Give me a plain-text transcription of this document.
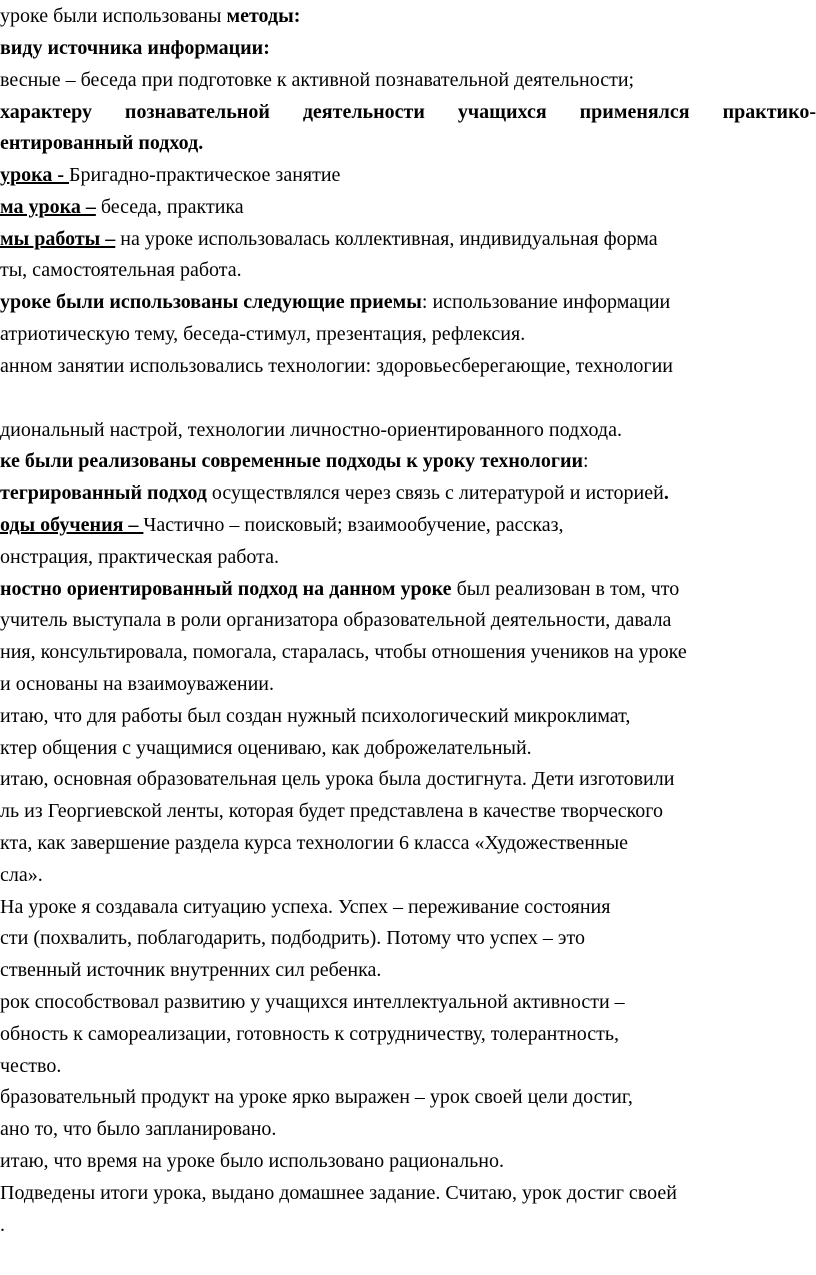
уроке были использованы методы:
виду источника информации:
весные – беседа при подготовке к активной познавательной деятельности;
характеру познавательной деятельности учащихся применялся практико-
ентированный подход.
урока - Бригадно-практическое занятие
ма урока – беседа, практика
мы работы – на уроке использовалась коллективная, индивидуальная форма
ты, самостоятельная работа.
уроке были использованы следующие приемы: использование информации
атриотическую тему, беседа-стимул, презентация, рефлексия.
анном занятии использовались технологии: здоровьесберегающие, технологии
диональный настрой, технологии личностно-ориентированного подхода.
ке были реализованы современные подходы к уроку технологии:
тегрированный подход осуществлялся через связь с литературой и историей.
оды обучения – Частично – поисковый; взаимообучение, рассказ,
онстрация, практическая работа.
ностно ориентированный подход на данном уроке был реализован в том, что
учитель выступала в роли организатора образовательной деятельности, давала
ния, консультировала, помогала, старалась, чтобы отношения учеников на уроке
и основаны на взаимоуважении.
итаю, что для работы был создан нужный психологический микроклимат,
ктер общения с учащимися оцениваю, как доброжелательный.
итаю, основная образовательная цель урока была достигнута. Дети изготовили
ль из Георгиевской ленты, которая будет представлена в качестве творческого
кта, как завершение раздела курса технологии 6 класса «Художественные
сла».
На уроке я создавала ситуацию успеха. Успех – переживание состояния
сти (похвалить, поблагодарить, подбодрить). Потому что успех – это
ственный источник внутренних сил ребенка.
рок способствовал развитию у учащихся интеллектуальной активности –
обность к самореализации, готовность к сотрудничеству, толерантность,
чество.
бразовательный продукт на уроке ярко выражен – урок своей цели достиг,
ано то, что было запланировано.
итаю, что время на уроке было использовано рационально.
Подведены итоги урока, выдано домашнее задание. Считаю, урок достиг своей
.
